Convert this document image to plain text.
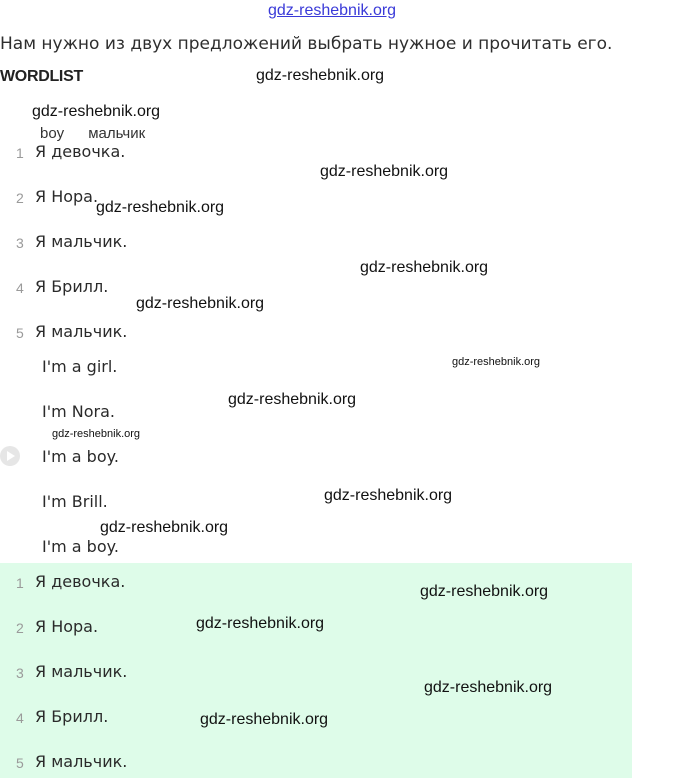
gdz-reshebnik.org
Нам нужно из двух предложений выбрать нужное и прочитать его.
WORDLIST
boy мальчик
1 Я девочка.
2 Я Нора.
3 Я мальчик.
4 Я Брилл.
5 Я мальчик.
I'm a girl.
I'm Nora.
I'm a boy.
I'm Brill.
I'm a boy.
1 Я девочка.
2 Я Нора.
3 Я мальчик.
4 Я Брилл.
5 Я мальчик.
gdz-reshebnik.org
gdz-reshebnik.org
gdz-reshebnik.org
gdz-reshebnik.org
gdz-reshebnik.org
gdz-reshebnik.org
gdz-reshebnik.org
gdz-reshebnik.org
gdz-reshebnik.org
gdz-reshebnik.org
gdz-reshebnik.org
gdz-reshebnik.org
gdz-reshebnik.org
gdz-reshebnik.org
gdz-reshebnik.org
